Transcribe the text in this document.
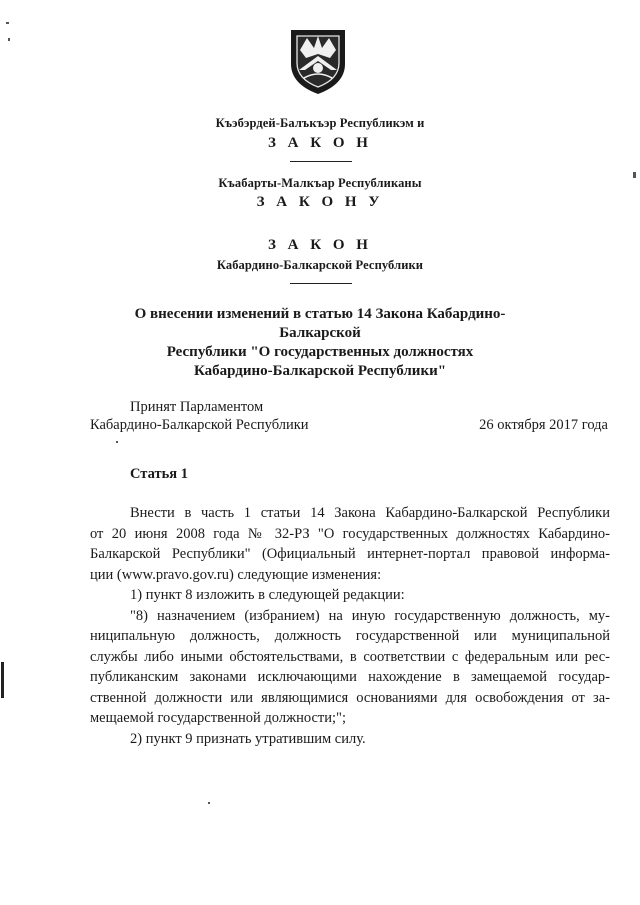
Къэбэрдей-Балъкъэр Республикэм и

З А К О Н

Къабарты-Малкъар Республиканы

З А К О Н У

З А К О Н

Кабардино-Балкарской Республики

О внесении изменений в статью 14 Закона Кабардино-Балкарской
Республики "О государственных должностях
Кабардино-Балкарской Республики"

Принят Парламентом

Кабардино-Балкарской Республики	26 октября 2017 года

Статья 1

Внести в часть 1 статьи 14 Закона Кабардино-Балкарской Республики

от 20 июня 2008 года № 32-РЗ "О государственных должностях Кабардино-

Балкарской Республики" (Официальный интернет-портал правовой информа-

ции (www.pravo.gov.ru) следующие изменения:

1) пункт 8 изложить в следующей редакции:

"8) назначением (избранием) на иную государственную должность, му-

ниципальную должность, должность государственной или муниципальной

службы либо иными обстоятельствами, в соответствии с федеральным или рес-

публиканским законами исключающими нахождение в замещаемой государ-

ственной должности или являющимися основаниями для освобождения от за-

мещаемой государственной должности;";

2) пункт 9 признать утратившим силу.
